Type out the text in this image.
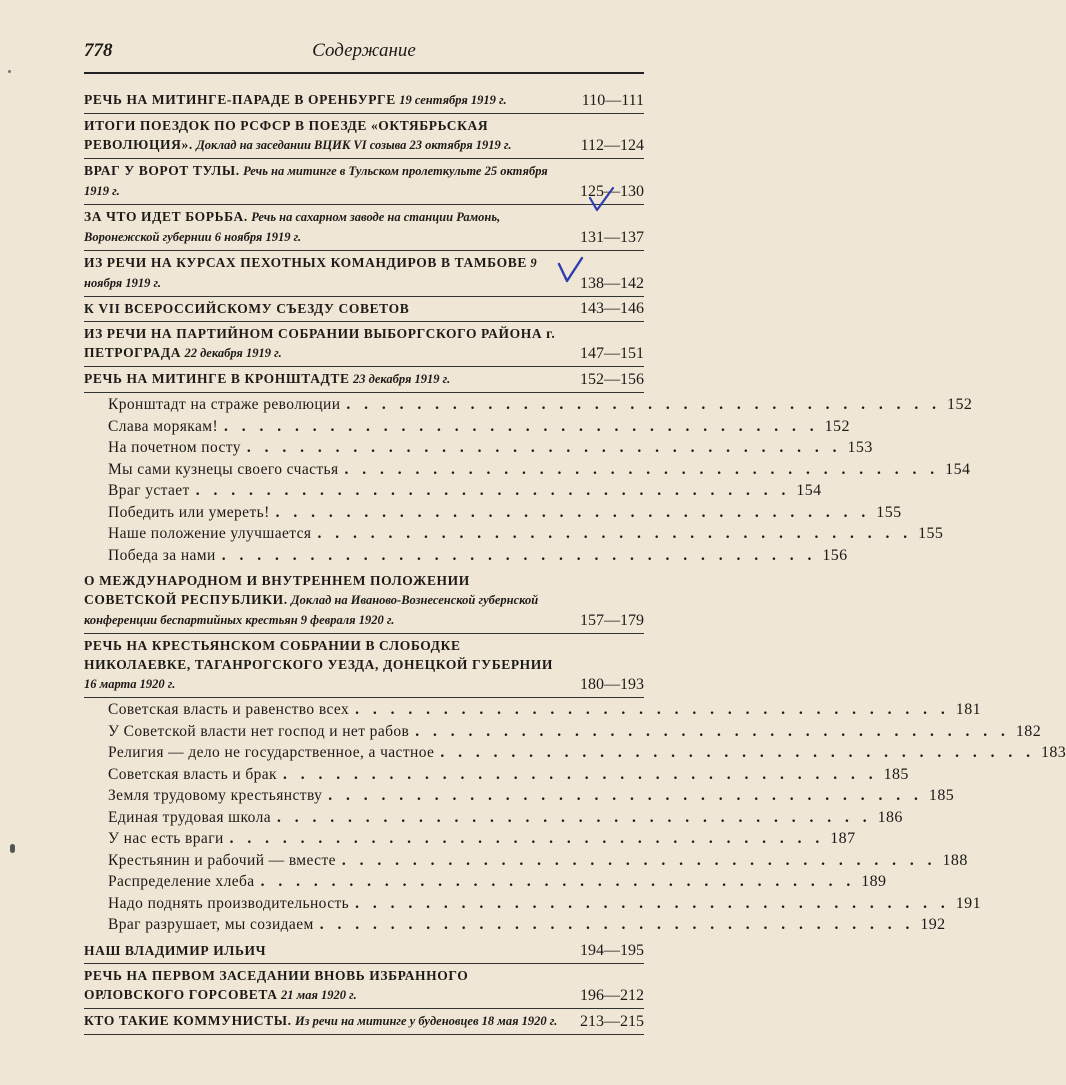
778	Содержание
РЕЧЬ НА МИТИНГЕ-ПАРАДЕ В ОРЕНБУРГЕ 19 сентября 1919 г.	110—111
ИТОГИ ПОЕЗДОК ПО РСФСР В ПОЕЗДЕ «ОКТЯБРЬСКАЯ РЕВОЛЮЦИЯ». Доклад на заседании ВЦИК VI созыва 23 октября 1919 г.	112—124
ВРАГ У ВОРОТ ТУЛЫ. Речь на митинге в Тульском пролеткульте 25 октября 1919 г.	125—130
ЗА ЧТО ИДЕТ БОРЬБА. Речь на сахарном заводе на станции Рамонь, Воронежской губернии 6 ноября 1919 г.	131—137
ИЗ РЕЧИ НА КУРСАХ ПЕХОТНЫХ КОМАНДИРОВ В ТАМБОВЕ 9 ноября 1919 г.	138—142
К VII ВСЕРОССИЙСКОМУ СЪЕЗДУ СОВЕТОВ	143—146
ИЗ РЕЧИ НА ПАРТИЙНОМ СОБРАНИИ ВЫБОРГСКОГО РАЙОНА г. ПЕТРОГРАДА 22 декабря 1919 г.	147—151
РЕЧЬ НА МИТИНГЕ В КРОНШТАДТЕ 23 декабря 1919 г.	152—156
Кронштадт на страже революции . . . . . . . . . . . . . . . . . . . . . . . . . . . . . . . . . . 152
Слава морякам! . . . . . . . . . . . . . . . . . . . . . . . . . . . . . . . . . . 152
На почетном посту . . . . . . . . . . . . . . . . . . . . . . . . . . . . . . . . . . 153
Мы сами кузнецы своего счастья . . . . . . . . . . . . . . . . . . . . . . . . . . . . . . . . . . 154
Враг устает . . . . . . . . . . . . . . . . . . . . . . . . . . . . . . . . . . 154
Победить или умереть! . . . . . . . . . . . . . . . . . . . . . . . . . . . . . . . . . . 155
Наше положение улучшается . . . . . . . . . . . . . . . . . . . . . . . . . . . . . . . . . . 155
Победа за нами . . . . . . . . . . . . . . . . . . . . . . . . . . . . . . . . . . 156
О МЕЖДУНАРОДНОМ И ВНУТРЕННЕМ ПОЛОЖЕНИИ СОВЕТСКОЙ РЕСПУБЛИКИ. Доклад на Иваново-Вознесенской губернской конференции беспартийных крестьян 9 февраля 1920 г.	157—179
РЕЧЬ НА КРЕСТЬЯНСКОМ СОБРАНИИ В СЛОБОДКЕ НИКОЛАЕВКЕ, ТАГАНРОГСКОГО УЕЗДА, ДОНЕЦКОЙ ГУБЕРНИИ 16 марта 1920 г.	180—193
Советская власть и равенство всех . . . . . . . . . . . . . . . . . . . . . . . . . . . . . . . . . . 181
У Советской власти нет господ и нет рабов . . . . . . . . . . . . . . . . . . . . . . . . . . . . . . . . . . 182
Религия — дело не государственное, а частное . . . . . . . . . . . . . . . . . . . . . . . . . . . . . . . . . . 183
Советская власть и брак . . . . . . . . . . . . . . . . . . . . . . . . . . . . . . . . . . 185
Земля трудовому крестьянству . . . . . . . . . . . . . . . . . . . . . . . . . . . . . . . . . . 185
Единая трудовая школа . . . . . . . . . . . . . . . . . . . . . . . . . . . . . . . . . . 186
У нас есть враги . . . . . . . . . . . . . . . . . . . . . . . . . . . . . . . . . . 187
Крестьянин и рабочий — вместе . . . . . . . . . . . . . . . . . . . . . . . . . . . . . . . . . . 188
Распределение хлеба . . . . . . . . . . . . . . . . . . . . . . . . . . . . . . . . . . 189
Надо поднять производительность . . . . . . . . . . . . . . . . . . . . . . . . . . . . . . . . . . 191
Враг разрушает, мы созидаем . . . . . . . . . . . . . . . . . . . . . . . . . . . . . . . . . . 192
НАШ ВЛАДИМИР ИЛЬИЧ	194—195
РЕЧЬ НА ПЕРВОМ ЗАСЕДАНИИ ВНОВЬ ИЗБРАННОГО ОРЛОВСКОГО ГОРСОВЕТА 21 мая 1920 г.	196—212
КТО ТАКИЕ КОММУНИСТЫ. Из речи на митинге у буденовцев 18 мая 1920 г.	213—215
